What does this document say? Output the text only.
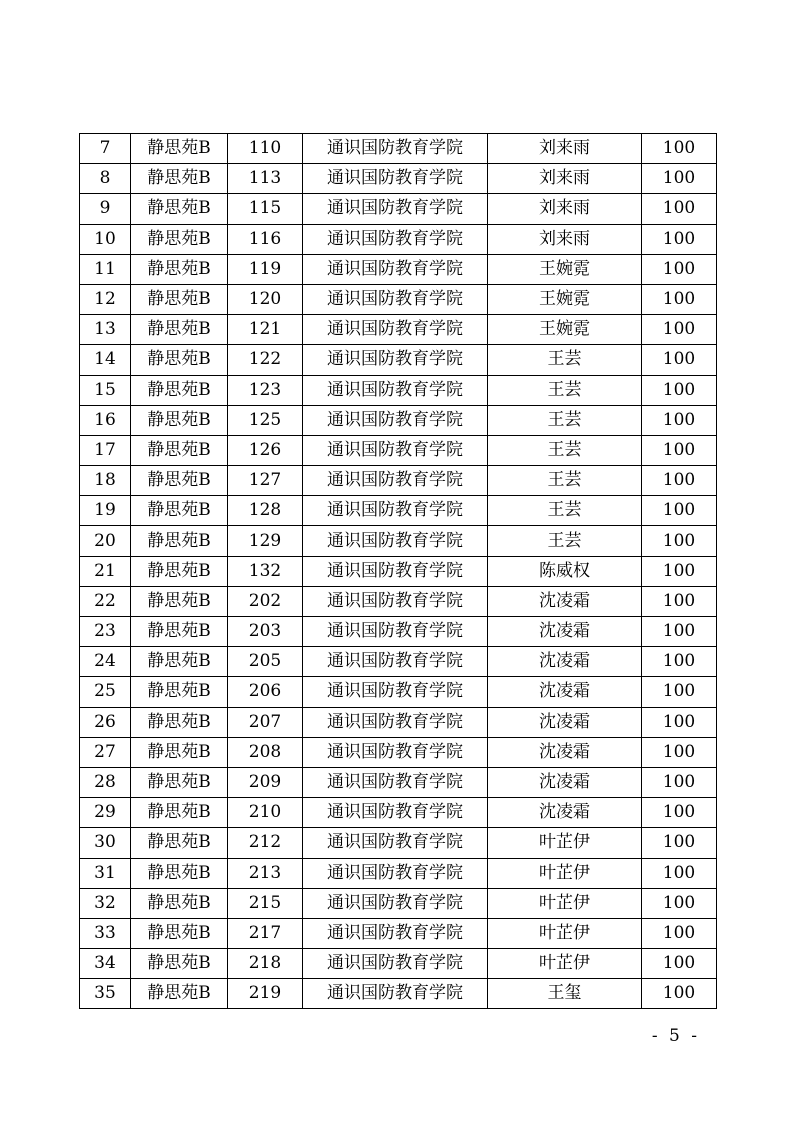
7	静思苑B	110	通识国防教育学院	刘来雨	100
8	静思苑B	113	通识国防教育学院	刘来雨	100
9	静思苑B	115	通识国防教育学院	刘来雨	100
10	静思苑B	116	通识国防教育学院	刘来雨	100
11	静思苑B	119	通识国防教育学院	王婉霓	100
12	静思苑B	120	通识国防教育学院	王婉霓	100
13	静思苑B	121	通识国防教育学院	王婉霓	100
14	静思苑B	122	通识国防教育学院	王芸	100
15	静思苑B	123	通识国防教育学院	王芸	100
16	静思苑B	125	通识国防教育学院	王芸	100
17	静思苑B	126	通识国防教育学院	王芸	100
18	静思苑B	127	通识国防教育学院	王芸	100
19	静思苑B	128	通识国防教育学院	王芸	100
20	静思苑B	129	通识国防教育学院	王芸	100
21	静思苑B	132	通识国防教育学院	陈威权	100
22	静思苑B	202	通识国防教育学院	沈凌霜	100
23	静思苑B	203	通识国防教育学院	沈凌霜	100
24	静思苑B	205	通识国防教育学院	沈凌霜	100
25	静思苑B	206	通识国防教育学院	沈凌霜	100
26	静思苑B	207	通识国防教育学院	沈凌霜	100
27	静思苑B	208	通识国防教育学院	沈凌霜	100
28	静思苑B	209	通识国防教育学院	沈凌霜	100
29	静思苑B	210	通识国防教育学院	沈凌霜	100
30	静思苑B	212	通识国防教育学院	叶芷伊	100
31	静思苑B	213	通识国防教育学院	叶芷伊	100
32	静思苑B	215	通识国防教育学院	叶芷伊	100
33	静思苑B	217	通识国防教育学院	叶芷伊	100
34	静思苑B	218	通识国防教育学院	叶芷伊	100
35	静思苑B	219	通识国防教育学院	王玺	100
- 5 -
